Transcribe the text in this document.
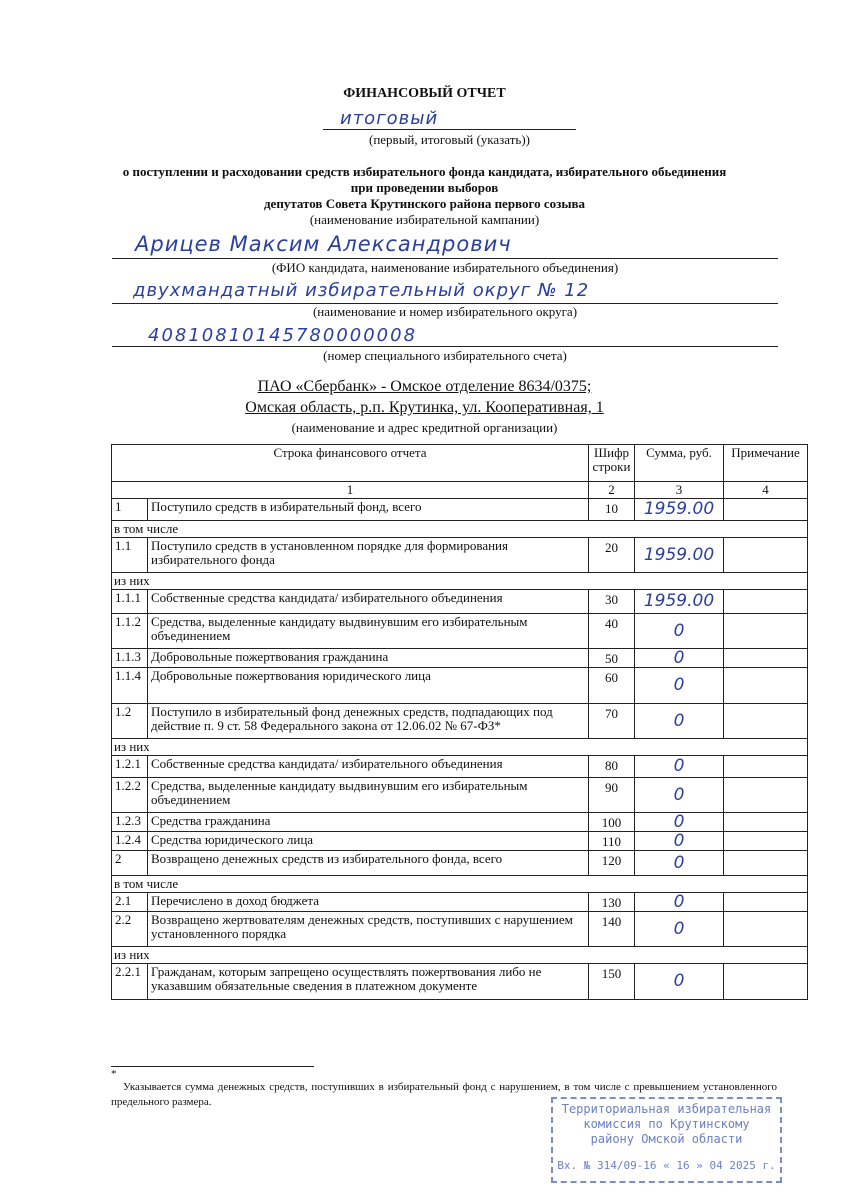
ФИНАНСОВЫЙ ОТЧЕТ
итоговый
(первый, итоговый (указать))
о поступлении и расходовании средств избирательного фонда кандидата, избирательного обьединения
при проведении выборов
депутатов Совета Крутинского района первого созыва
(наименование избирательной кампании)
Арицев Максим Александрович
(ФИО кандидата, наименование избирательного объединения)
двухмандатный избирательный округ № 12
(наименование и номер избирательного округа)
40810810145780000008
(номер специального избирательного счета)
ПАО «Сбербанк» - Омское отделение 8634/0375;
Омская область, р.п. Крутинка, ул. Кооперативная, 1
(наименование и адрес кредитной организации)
Строка финансового отчета		Шифр строки	Сумма, руб.	Примечание
1		2	3	4
1	Поступило средств в избирательный фонд, всего	10	1959.00	
в том числе				
1.1	Поступило средств в установленном порядке для формирования избирательного фонда	20	1959.00	
из них				
1.1.1	Собственные средства кандидата/ избирательного объединения	30	1959.00	
1.1.2	Средства, выделенные кандидату выдвинувшим его избирательным объединением	40	0	
1.1.3	Добровольные пожертвования гражданина	50	0	
1.1.4	Добровольные пожертвования юридического лица	60	0	
1.2	Поступило в избирательный фонд денежных средств, подпадающих под действие п. 9 ст. 58 Федерального закона от 12.06.02 № 67-ФЗ*	70	0	
из них				
1.2.1	Собственные средства кандидата/ избирательного объединения	80	0	
1.2.2	Средства, выделенные кандидату выдвинувшим его избирательным объединением	90	0	
1.2.3	Средства гражданина	100	0	
1.2.4	Средства юридического лица	110	0	
2	Возвращено денежных средств из избирательного фонда, всего	120	0	
в том числе				
2.1	Перечислено в доход бюджета	130	0	
2.2	Возвращено жертвователям денежных средств, поступивших с нарушением установленного порядка	140	0	
из них				
2.2.1	Гражданам, которым запрещено осуществлять пожертвования либо не указавшим обязательные сведения в платежном документе	150	0	
*
Указывается сумма денежных средств, поступивших в избирательный фонд с нарушением, в том числе с превышением установленного предельного размера.	Территориальная избирательная
комиссия по Крутинскому
району Омской области
Вх. № 314/09-16 « 16 » 04 2025 г.
